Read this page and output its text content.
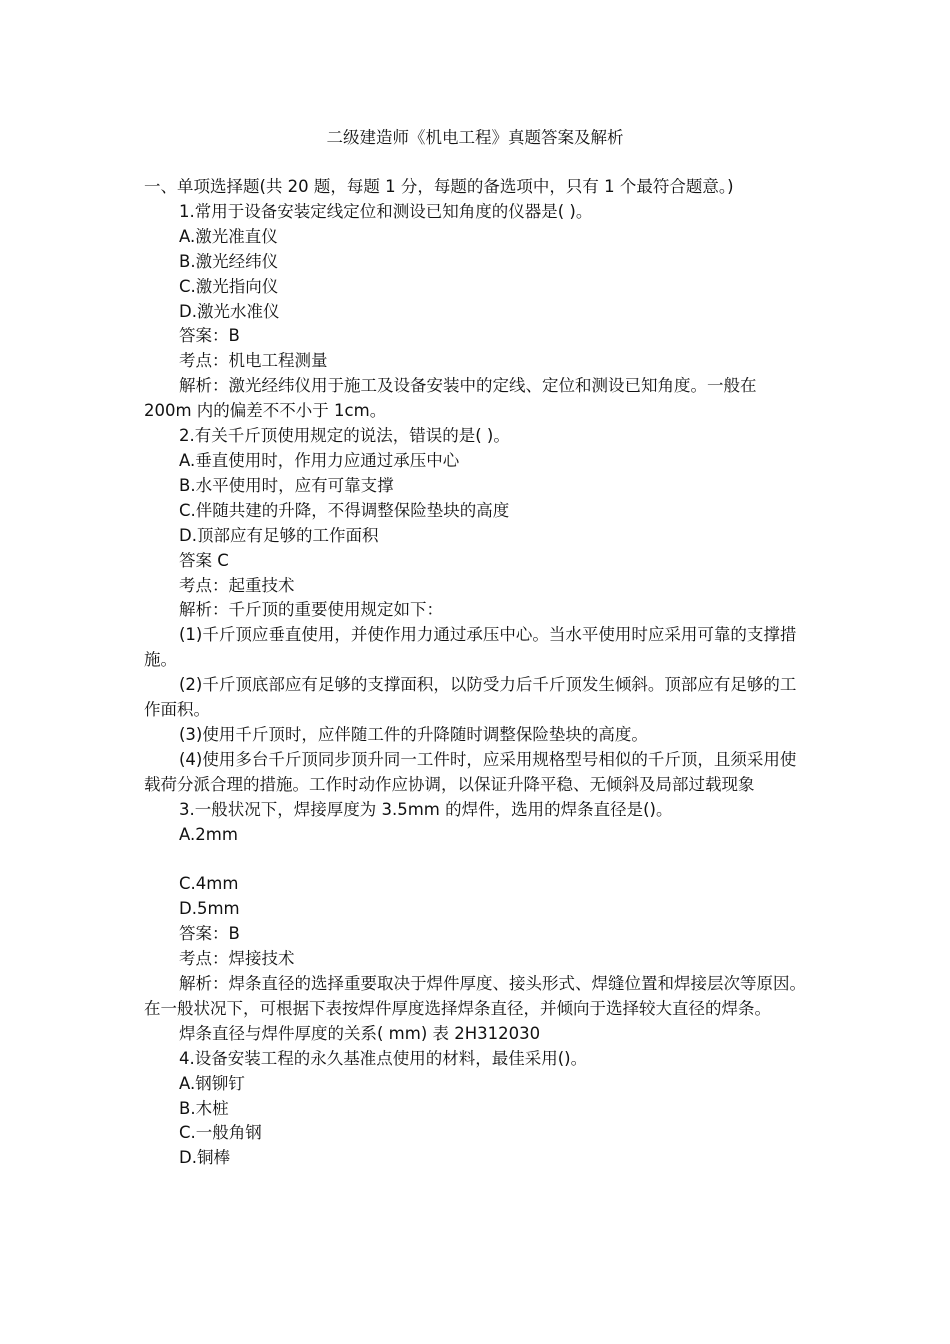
二级建造师《机电工程》真题答案及解析

一、单项选择题(共 20 题，每题 1 分，每题的备选项中，只有 1 个最符合题意。)

1.常用于设备安装定线定位和测设已知角度的仪器是( )。

A.激光准直仪

B.激光经纬仪

C.激光指向仪

D.激光水准仪

答案：B

考点：机电工程测量

解析：激光经纬仪用于施工及设备安装中的定线、定位和测设已知角度。一般在 200m 内的偏差不不小于 1cm。

2.有关千斤顶使用规定的说法，错误的是( )。

A.垂直使用时，作用力应通过承压中心

B.水平使用时，应有可靠支撑

C.伴随共建的升降，不得调整保险垫块的高度

D.顶部应有足够的工作面积

答案 C

考点：起重技术

解析：千斤顶的重要使用规定如下：

(1)千斤顶应垂直使用，并使作用力通过承压中心。当水平使用时应采用可靠的支撑措施。

(2)千斤顶底部应有足够的支撑面积，以防受力后千斤顶发生倾斜。顶部应有足够的工作面积。

(3)使用千斤顶时，应伴随工件的升降随时调整保险垫块的高度。

(4)使用多台千斤顶同步顶升同一工件时，应采用规格型号相似的千斤顶，且须采用使载荷分派合理的措施。工作时动作应协调，以保证升降平稳、无倾斜及局部过载现象

3.一般状况下，焊接厚度为 3.5mm 的焊件，选用的焊条直径是()。

A.2mm

C.4mm

D.5mm

答案：B

考点：焊接技术

解析：焊条直径的选择重要取决于焊件厚度、接头形式、焊缝位置和焊接层次等原因。在一般状况下，可根据下表按焊件厚度选择焊条直径，并倾向于选择较大直径的焊条。

焊条直径与焊件厚度的关系( mm) 表 2H312030

4.设备安装工程的永久基准点使用的材料，最佳采用()。

A.钢铆钉

B.木桩

C.一般角钢

D.铜棒
